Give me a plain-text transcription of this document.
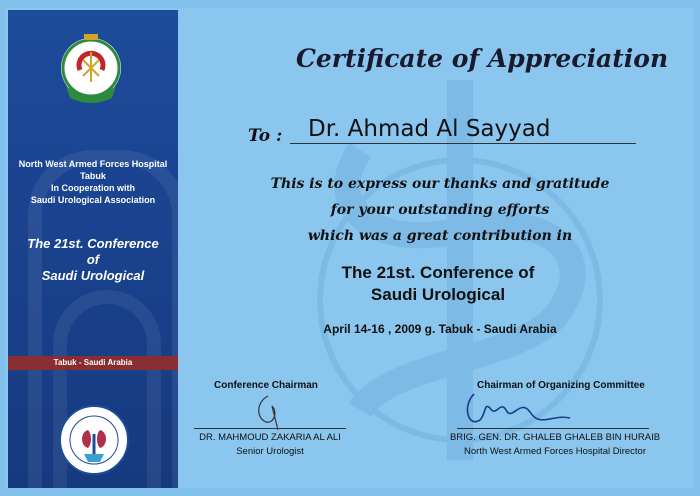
North West Armed Forces Hospital
Tabuk
In Cooperation with
Saudi Urological Association
The 21st. Conference
of
Saudi Urological
Tabuk - Saudi Arabia
Certificate of Appreciation
To : Dr. Ahmad Al Sayyad
This is to express our thanks and gratitude
for your outstanding efforts
which was a great contribution in
The 21st. Conference of
Saudi Urological
April 14-16 , 2009 g. Tabuk - Saudi Arabia
Conference Chairman
DR. MAHMOUD ZAKARIA AL ALI
Senior Urologist
Chairman of Organizing Committee
BRIG. GEN. DR. GHALEB GHALEB BIN HURAIB
North West Armed Forces Hospital Director
